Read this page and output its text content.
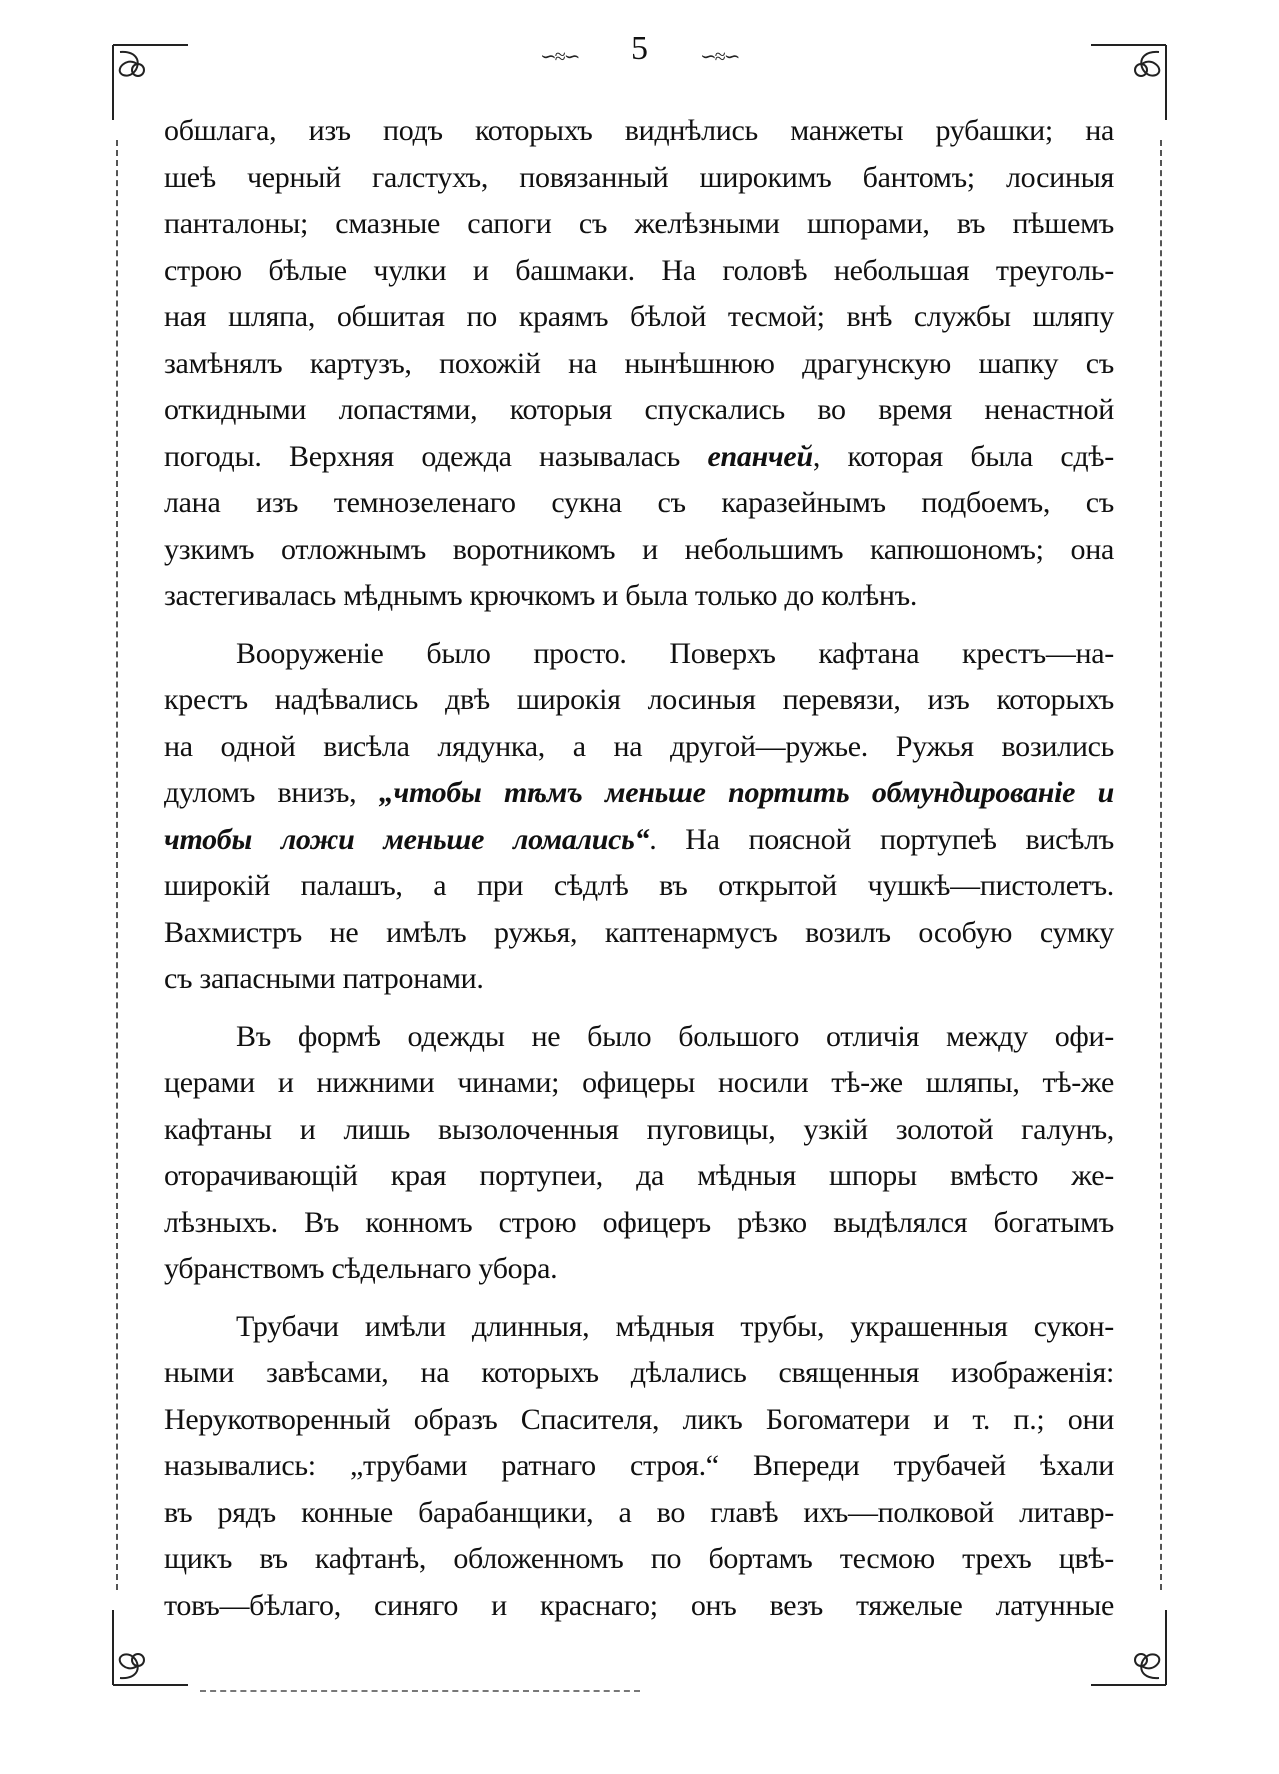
∽≈∽	5	∽≈∽
обшлага, изъ подъ которыхъ виднѣлись манжеты рубашки; на
шеѣ черный галстухъ, повязанный широкимъ бантомъ; лосиныя
панталоны; смазные сапоги съ желѣзными шпорами, въ пѣшемъ
строю бѣлые чулки и башмаки. На головѣ небольшая треуголь-
ная шляпа, обшитая по краямъ бѣлой тесмой; внѣ службы шляпу
замѣнялъ картузъ, похожій на нынѣшнюю драгунскую шапку съ
откидными лопастями, которыя спускались во время ненастной
погоды. Верхняя одежда называлась епанчей, которая была сдѣ-
лана изъ темнозеленаго сукна съ каразейнымъ подбоемъ, съ
узкимъ отложнымъ воротникомъ и небольшимъ капюшономъ; она
застегивалась мѣднымъ крючкомъ и была только до колѣнъ.
Вооруженіе было просто. Поверхъ кафтана крестъ—на-
крестъ надѣвались двѣ широкія лосиныя перевязи, изъ которыхъ
на одной висѣла лядунка, а на другой—ружье. Ружья возились
дуломъ внизъ, „чтобы тѣмъ меньше портить обмундированіе и
чтобы ложи меньше ломались“. На поясной портупеѣ висѣлъ
широкій палашъ, а при сѣдлѣ въ открытой чушкѣ—пистолетъ.
Вахмистръ не имѣлъ ружья, каптенармусъ возилъ особую сумку
съ запасными патронами.
Въ формѣ одежды не было большого отличія между офи-
церами и нижними чинами; офицеры носили тѣ-же шляпы, тѣ-же
кафтаны и лишь вызолоченныя пуговицы, узкій золотой галунъ,
оторачивающій края портупеи, да мѣдныя шпоры вмѣсто же-
лѣзныхъ. Въ конномъ строю офицеръ рѣзко выдѣлялся богатымъ
убранствомъ сѣдельнаго убора.
Трубачи имѣли длинныя, мѣдныя трубы, украшенныя сукон-
ными завѣсами, на которыхъ дѣлались священныя изображенія:
Нерукотворенный образъ Спасителя, ликъ Богоматери и т. п.; они
назывались: „трубами ратнаго строя.“ Впереди трубачей ѣхали
въ рядъ конные барабанщики, а во главѣ ихъ—полковой литавр-
щикъ въ кафтанѣ, обложенномъ по бортамъ тесмою трехъ цвѣ-
товъ—бѣлаго, синяго и краснаго; онъ везъ тяжелые латунные
